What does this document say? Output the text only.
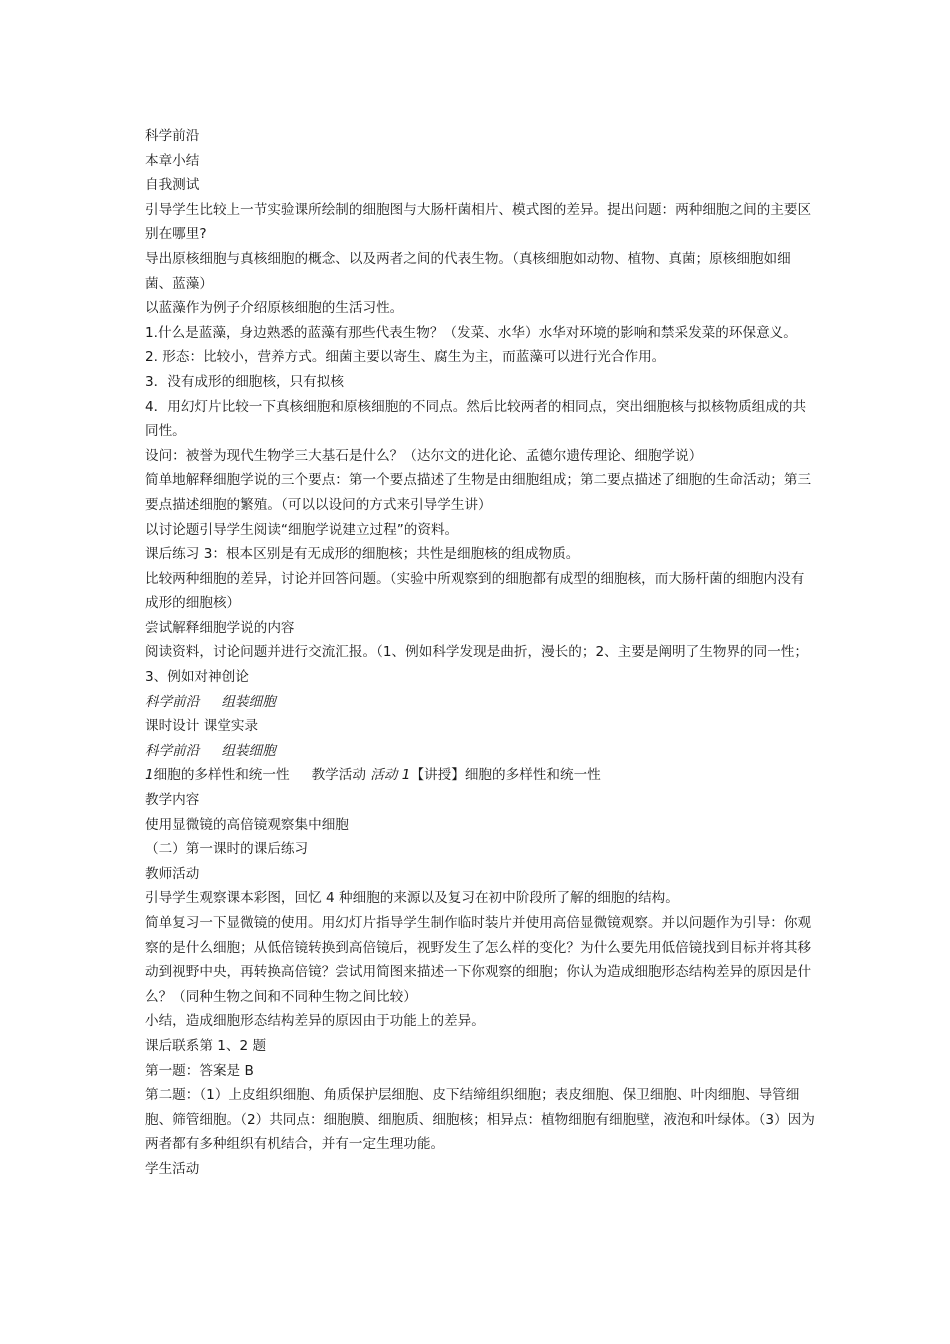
科学前沿

本章小结

自我测试

引导学生比较上一节实验课所绘制的细胞图与大肠杆菌相片、模式图的差异。提出问题：两种细胞之间的主要区别在哪里?

导出原核细胞与真核细胞的概念、以及两者之间的代表生物。（真核细胞如动物、植物、真菌；原核细胞如细菌、蓝藻）

以蓝藻作为例子介绍原核细胞的生活习性。

1.什么是蓝藻，身边熟悉的蓝藻有那些代表生物？（发菜、水华）水华对环境的影响和禁采发菜的环保意义。

2. 形态：比较小，营养方式。细菌主要以寄生、腐生为主，而蓝藻可以进行光合作用。

3．没有成形的细胞核，只有拟核

4．用幻灯片比较一下真核细胞和原核细胞的不同点。然后比较两者的相同点，突出细胞核与拟核物质组成的共同性。

设问：被誉为现代生物学三大基石是什么？（达尔文的进化论、孟德尔遗传理论、细胞学说）

简单地解释细胞学说的三个要点：第一个要点描述了生物是由细胞组成；第二要点描述了细胞的生命活动；第三要点描述细胞的繁殖。（可以以设问的方式来引导学生讲）

以讨论题引导学生阅读“细胞学说建立过程”的资料。

课后练习 3：根本区别是有无成形的细胞核；共性是细胞核的组成物质。

比较两种细胞的差异，讨论并回答问题。（实验中所观察到的细胞都有成型的细胞核，而大肠杆菌的细胞内没有成形的细胞核）

尝试解释细胞学说的内容

阅读资料，讨论问题并进行交流汇报。（1、例如科学发现是曲折，漫长的；2、主要是阐明了生物界的同一性；3、例如对神创论

科学前沿 组装细胞

课时设计 课堂实录

科学前沿 组装细胞

1细胞的多样性和统一性 教学活动 活动 1【讲授】细胞的多样性和统一性

教学内容

使用显微镜的高倍镜观察集中细胞

（二）第一课时的课后练习

教师活动

引导学生观察课本彩图，回忆 4 种细胞的来源以及复习在初中阶段所了解的细胞的结构。

简单复习一下显微镜的使用。用幻灯片指导学生制作临时装片并使用高倍显微镜观察。并以问题作为引导：你观察的是什么细胞；从低倍镜转换到高倍镜后，视野发生了怎么样的变化？为什么要先用低倍镜找到目标并将其移动到视野中央，再转换高倍镜？尝试用简图来描述一下你观察的细胞；你认为造成细胞形态结构差异的原因是什么？（同种生物之间和不同种生物之间比较）

小结，造成细胞形态结构差异的原因由于功能上的差异。

课后联系第 1、2 题

第一题：答案是 B

第二题：（1）上皮组织细胞、角质保护层细胞、皮下结缔组织细胞；表皮细胞、保卫细胞、叶肉细胞、导管细胞、筛管细胞。（2）共同点：细胞膜、细胞质、细胞核；相异点：植物细胞有细胞壁，液泡和叶绿体。（3）因为两者都有多种组织有机结合，并有一定生理功能。

学生活动
